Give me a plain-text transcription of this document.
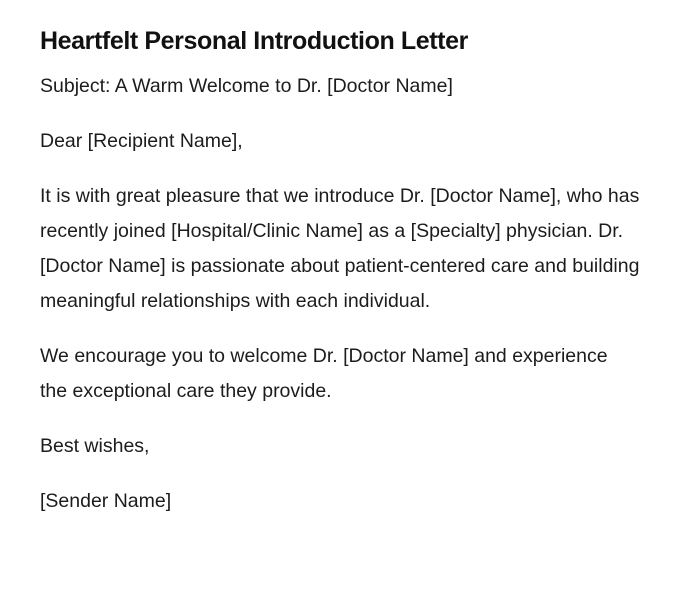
Heartfelt Personal Introduction Letter

Subject: A Warm Welcome to Dr. [Doctor Name]

Dear [Recipient Name],

It is with great pleasure that we introduce Dr. [Doctor Name], who has recently joined [Hospital/Clinic Name] as a [Specialty] physician. Dr. [Doctor Name] is passionate about patient-centered care and building meaningful relationships with each individual.

We encourage you to welcome Dr. [Doctor Name] and experience the exceptional care they provide.

Best wishes,

[Sender Name]
